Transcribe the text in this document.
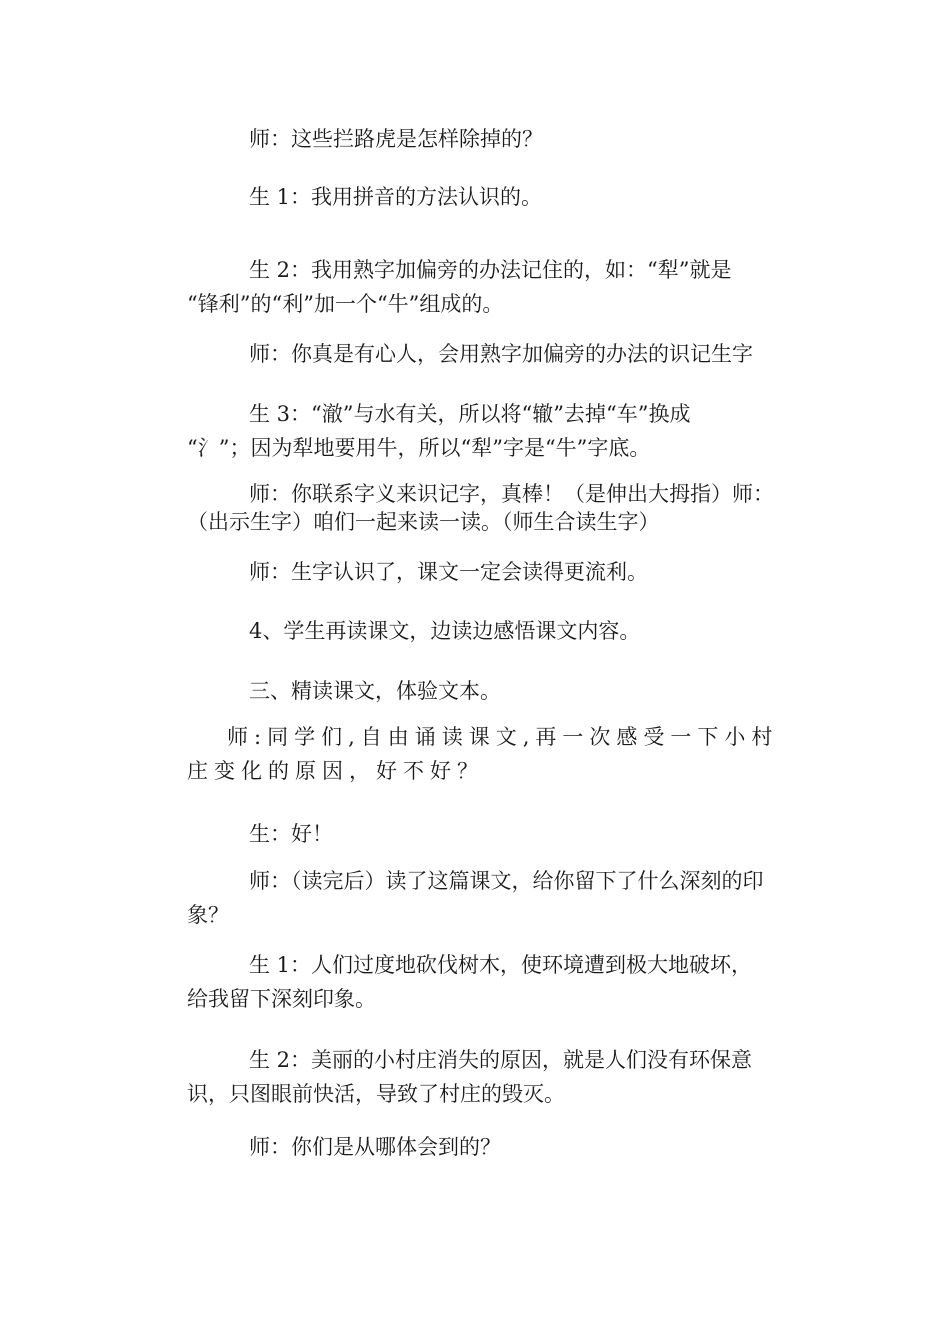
师：这些拦路虎是怎样除掉的？

生 1：我用拼音的方法认识的。

生 2：我用熟字加偏旁的办法记住的，如：“犁”就是
“锋利”的“利”加一个“牛”组成的。

师：你真是有心人，会用熟字加偏旁的办法的识记生字

生 3：“澈”与水有关，所以将“辙”去掉“车”换成
“氵”；因为犁地要用牛，所以“犁”字是“牛”字底。

师：你联系字义来识记字，真棒！（是伸出大拇指）师：
（出示生字）咱们一起来读一读。（师生合读生字）

师：生字认识了，课文一定会读得更流利。

4、学生再读课文，边读边感悟课文内容。

三、精读课文，体验文本。

师:同学们,自由诵读课文,再一次感受一下小村
庄变化的原因，好不好？

生：好！

师：（读完后）读了这篇课文，给你留下了什么深刻的印
象？

生 1：人们过度地砍伐树木，使环境遭到极大地破坏，
给我留下深刻印象。

生 2：美丽的小村庄消失的原因，就是人们没有环保意
识，只图眼前快活，导致了村庄的毁灭。

师：你们是从哪体会到的？
